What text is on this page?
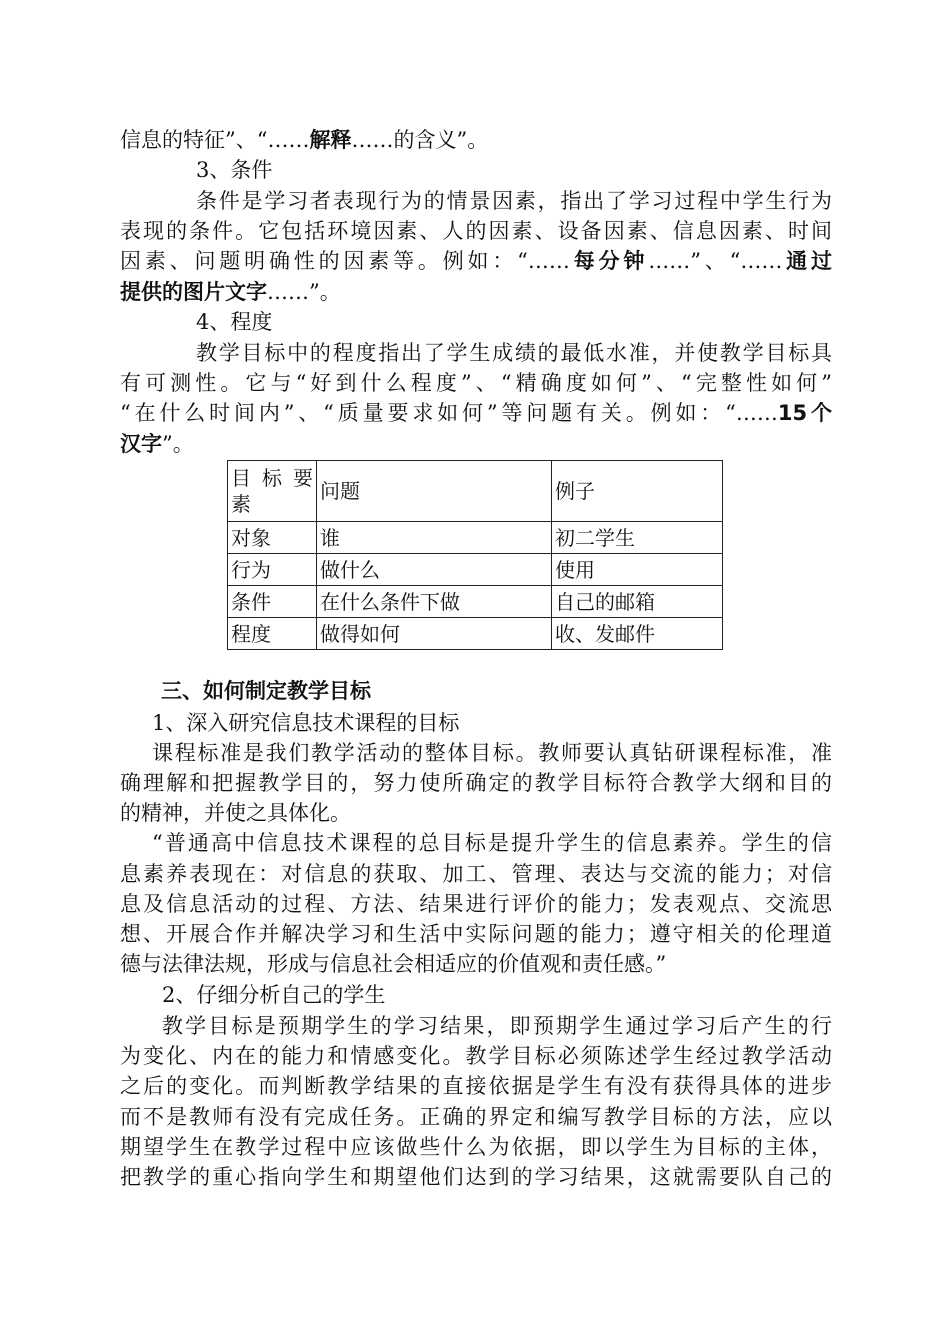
信息的特征”、“……解释……的含义”。
3、条件
条件是学习者表现行为的情景因素，指出了学习过程中学生行为
表现的条件。它包括环境因素、人的因素、设备因素、信息因素、时间
因素、问题明确性的因素等。例如：“……每分钟……”、“……通过
提供的图片文字……”。
4、程度
教学目标中的程度指出了学生成绩的最低水准，并使教学目标具
有可测性。它与“好到什么程度”、“精确度如何”、“完整性如何”
“在什么时间内”、“质量要求如何”等问题有关。例如：“……15个
汉字”。
目 标 要
素	问题	例子
对象	谁	初二学生
行为	做什么	使用
条件	在什么条件下做	自己的邮箱
程度	做得如何	收、发邮件
三、如何制定教学目标
1、深入研究信息技术课程的目标
课程标准是我们教学活动的整体目标。教师要认真钻研课程标准，准
确理解和把握教学目的，努力使所确定的教学目标符合教学大纲和目的
的精神，并使之具体化。
“普通高中信息技术课程的总目标是提升学生的信息素养。学生的信
息素养表现在：对信息的获取、加工、管理、表达与交流的能力；对信
息及信息活动的过程、方法、结果进行评价的能力；发表观点、交流思
想、开展合作并解决学习和生活中实际问题的能力；遵守相关的伦理道
德与法律法规，形成与信息社会相适应的价值观和责任感。”
2、仔细分析自己的学生
教学目标是预期学生的学习结果，即预期学生通过学习后产生的行
为变化、内在的能力和情感变化。教学目标必须陈述学生经过教学活动
之后的变化。而判断教学结果的直接依据是学生有没有获得具体的进步
而不是教师有没有完成任务。正确的界定和编写教学目标的方法，应以
期望学生在教学过程中应该做些什么为依据，即以学生为目标的主体，
把教学的重心指向学生和期望他们达到的学习结果，这就需要队自己的
